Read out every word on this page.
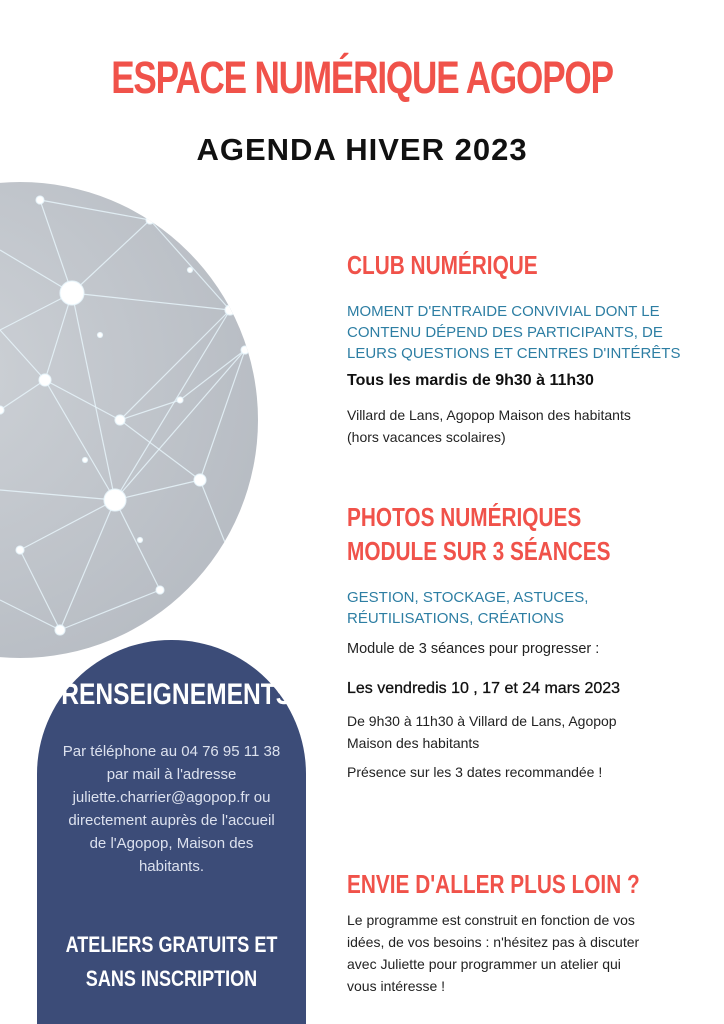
ESPACE NUMÉRIQUE AGOPOP
AGENDA HIVER 2023
RENSEIGNEMENTS
Par téléphone au 04 76 95 11 38
par mail à l'adresse
juliette.charrier@agopop.fr ou
directement auprès de l'accueil
de l'Agopop, Maison des
habitants.
ATELIERS GRATUITS ET
SANS INSCRIPTION
CLUB NUMÉRIQUE
MOMENT D'ENTRAIDE CONVIVIAL DONT LE
CONTENU DÉPEND DES PARTICIPANTS, DE
LEURS QUESTIONS ET CENTRES D'INTÉRÊTS
Tous les mardis de 9h30 à 11h30
Villard de Lans, Agopop Maison des habitants
(hors vacances scolaires)
PHOTOS NUMÉRIQUES
MODULE SUR 3 SÉANCES
GESTION, STOCKAGE, ASTUCES,
RÉUTILISATIONS, CRÉATIONS
Module de 3 séances pour progresser :
Les vendredis 10 , 17 et 24 mars 2023
De 9h30 à 11h30 à Villard de Lans, Agopop
Maison des habitants
Présence sur les 3 dates recommandée !
ENVIE D'ALLER PLUS LOIN ?
Le programme est construit en fonction de vos
idées, de vos besoins : n'hésitez pas à discuter
avec Juliette pour programmer un atelier qui
vous intéresse !
